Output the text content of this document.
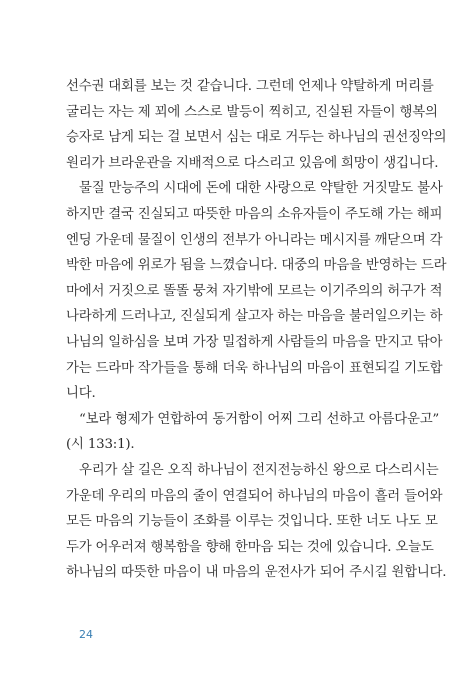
선수권 대회를 보는 것 같습니다. 그런데 언제나 약탈하게 머리를
굴리는 자는 제 꾀에 스스로 발등이 찍히고, 진실된 자들이 행복의
승자로 남게 되는 걸 보면서 심는 대로 거두는 하나님의 권선징악의
원리가 브라운관을 지배적으로 다스리고 있음에 희망이 생깁니다.
물질 만능주의 시대에 돈에 대한 사랑으로 약탈한 거짓말도 불사
하지만 결국 진실되고 따뜻한 마음의 소유자들이 주도해 가는 해피
엔딩 가운데 물질이 인생의 전부가 아니라는 메시지를 깨닫으며 각
박한 마음에 위로가 됨을 느꼈습니다. 대중의 마음을 반영하는 드라
마에서 거짓으로 똘똘 뭉쳐 자기밖에 모르는 이기주의의 허구가 적
나라하게 드러나고, 진실되게 살고자 하는 마음을 불러일으키는 하
나님의 일하심을 보며 가장 밀접하게 사람들의 마음을 만지고 닦아
가는 드라마 작가들을 통해 더욱 하나님의 마음이 표현되길 기도합
니다.
“보라 형제가 연합하여 동거함이 어찌 그리 선하고 아름다운고”
(시 133:1).
우리가 살 길은 오직 하나님이 전지전능하신 왕으로 다스리시는
가운데 우리의 마음의 줄이 연결되어 하나님의 마음이 흘러 들어와
모든 마음의 기능들이 조화를 이루는 것입니다. 또한 너도 나도 모
두가 어우러져 행복함을 향해 한마음 되는 것에 있습니다. 오늘도
하나님의 따뜻한 마음이 내 마음의 운전사가 되어 주시길 원합니다.
24
